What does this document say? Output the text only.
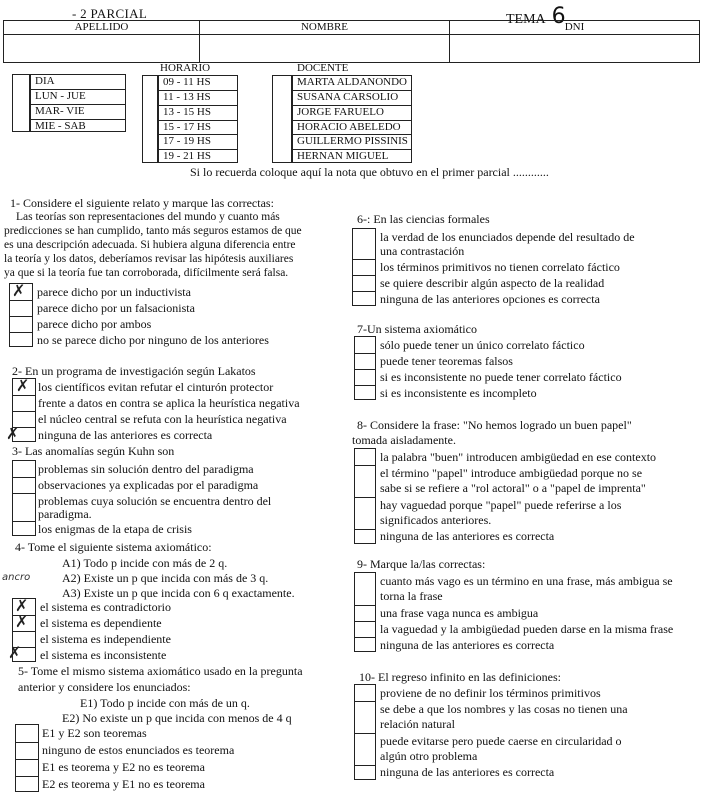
- 2 PARCIAL	TEMA 6
APELLIDO	NOMBRE	DNI

DIA
LUN - JUE
MAR- VIE
MIE - SAB
HORARIO
09 - 11 HS
11 - 13 HS
13 - 15 HS
15 - 17 HS
17 - 19 HS
19 - 21 HS
DOCENTE
MARTA ALDANONDO
SUSANA CARSOLIO
JORGE FARUELO
HORACIO ABELEDO
GUILLERMO PISSINIS
HERNAN MIGUEL
Si lo recuerda coloque aquí la nota que obtuvo en el primer parcial ............
1- Considere el siguiente relato y marque las correctas:
Las teorías son representaciones del mundo y cuanto más
predicciones se han cumplido, tanto más seguros estamos de que
es una descripción adecuada. Si hubiera alguna diferencia entre
la teoría y los datos, deberíamos revisar las hipótesis auxiliares
ya que si la teoría fue tan corroborada, difícilmente será falsa.
✗ parece dicho por un inductivista
parece dicho por un falsacionista
parece dicho por ambos
no se parece dicho por ninguno de los anteriores
2- En un programa de investigación según Lakatos
✗
✗
los científicos evitan refutar el cinturón protector
frente a datos en contra se aplica la heurística negativa
el núcleo central se refuta con la heurística negativa
ninguna de las anteriores es correcta
3- Las anomalías según Kuhn son
problemas sin solución dentro del paradigma
observaciones ya explicadas por el paradigma
problemas cuya solución se encuentra dentro del
paradigma.
los enigmas de la etapa de crisis
4- Tome el siguiente sistema axiomático:
A1) Todo p incide con más de 2 q.
A2) Existe un p que incida con más de 3 q.
A3) Existe un p que incida con 6 q exactamente.
ancro
✗
✗
✗
el sistema es contradictorio
el sistema es dependiente
el sistema es independiente
el sistema es inconsistente
5- Tome el mismo sistema axiomático usado en la pregunta
anterior y considere los enunciados:
E1) Todo p incide con más de un q.
E2) No existe un p que incida con menos de 4 q
E1 y E2 son teoremas
ninguno de estos enunciados es teorema
E1 es teorema y E2 no es teorema
E2 es teorema y E1 no es teorema
6-: En las ciencias formales
la verdad de los enunciados depende del resultado de
una contrastación
los términos primitivos no tienen correlato fáctico
se quiere describir algún aspecto de la realidad
ninguna de las anteriores opciones es correcta
7-Un sistema axiomático
sólo puede tener un único correlato fáctico
puede tener teoremas falsos
si es inconsistente no puede tener correlato fáctico
si es inconsistente es incompleto
8- Considere la frase: "No hemos logrado un buen papel"
tomada aisladamente.
la palabra "buen" introducen ambigüedad en ese contexto
el término "papel" introduce ambigüedad porque no se
sabe si se refiere a "rol actoral" o a "papel de imprenta"
hay vaguedad porque "papel" puede referirse a los
significados anteriores.
ninguna de las anteriores es correcta
9- Marque la/las correctas:
cuanto más vago es un término en una frase, más ambigua se
torna la frase
una frase vaga nunca es ambigua
la vaguedad y la ambigüedad pueden darse en la misma frase
ninguna de las anteriores es correcta
10- El regreso infinito en las definiciones:
proviene de no definir los términos primitivos
se debe a que los nombres y las cosas no tienen una
relación natural
puede evitarse pero puede caerse en circularidad o
algún otro problema
ninguna de las anteriores es correcta
